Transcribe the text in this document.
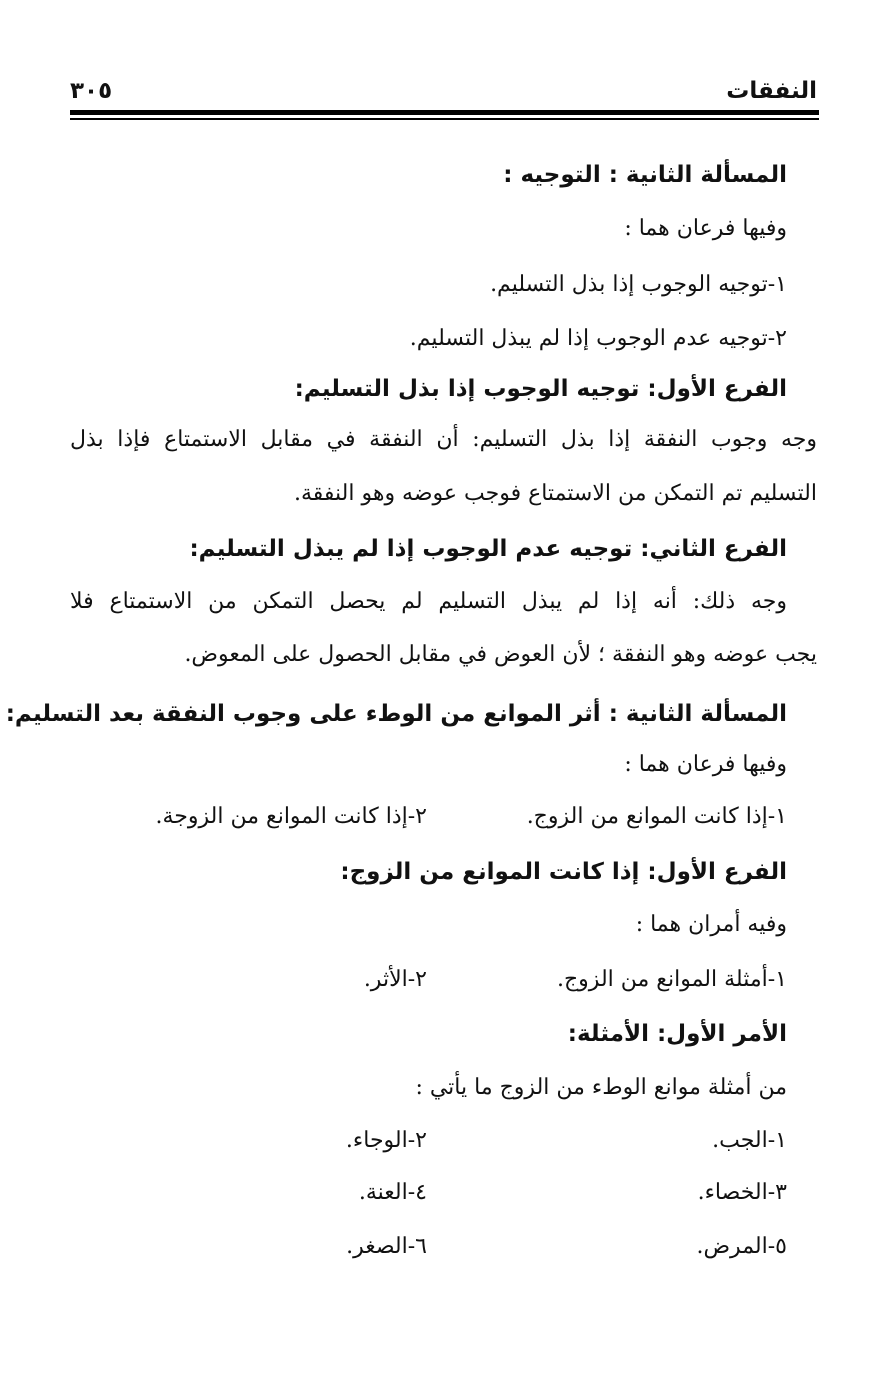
النفقات
٣٠٥
المسألة الثانية : التوجيه :
وفيها فرعان هما :
١-توجيه الوجوب إذا بذل التسليم.
٢-توجيه عدم الوجوب إذا لم يبذل التسليم.
الفرع الأول: توجيه الوجوب إذا بذل التسليم:
وجه وجوب النفقة إذا بذل التسليم: أن النفقة في مقابل الاستمتاع فإذا بذل
التسليم تم التمكن من الاستمتاع فوجب عوضه وهو النفقة.
الفرع الثاني: توجيه عدم الوجوب إذا لم يبذل التسليم:
وجه ذلك: أنه إذا لم يبذل التسليم لم يحصل التمكن من الاستمتاع فلا
يجب عوضه وهو النفقة ؛ لأن العوض في مقابل الحصول على المعوض.
المسألة الثانية : أثر الموانع من الوطء على وجوب النفقة بعد التسليم:
وفيها فرعان هما :
١-إذا كانت الموانع من الزوج.
٢-إذا كانت الموانع من الزوجة.
الفرع الأول: إذا كانت الموانع من الزوج:
وفيه أمران هما :
١-أمثلة الموانع من الزوج.
٢-الأثر.
الأمر الأول: الأمثلة:
من أمثلة موانع الوطء من الزوج ما يأتي :
١-الجب.
٢-الوجاء.
٣-الخصاء.
٤-العنة.
٥-المرض.
٦-الصغر.
